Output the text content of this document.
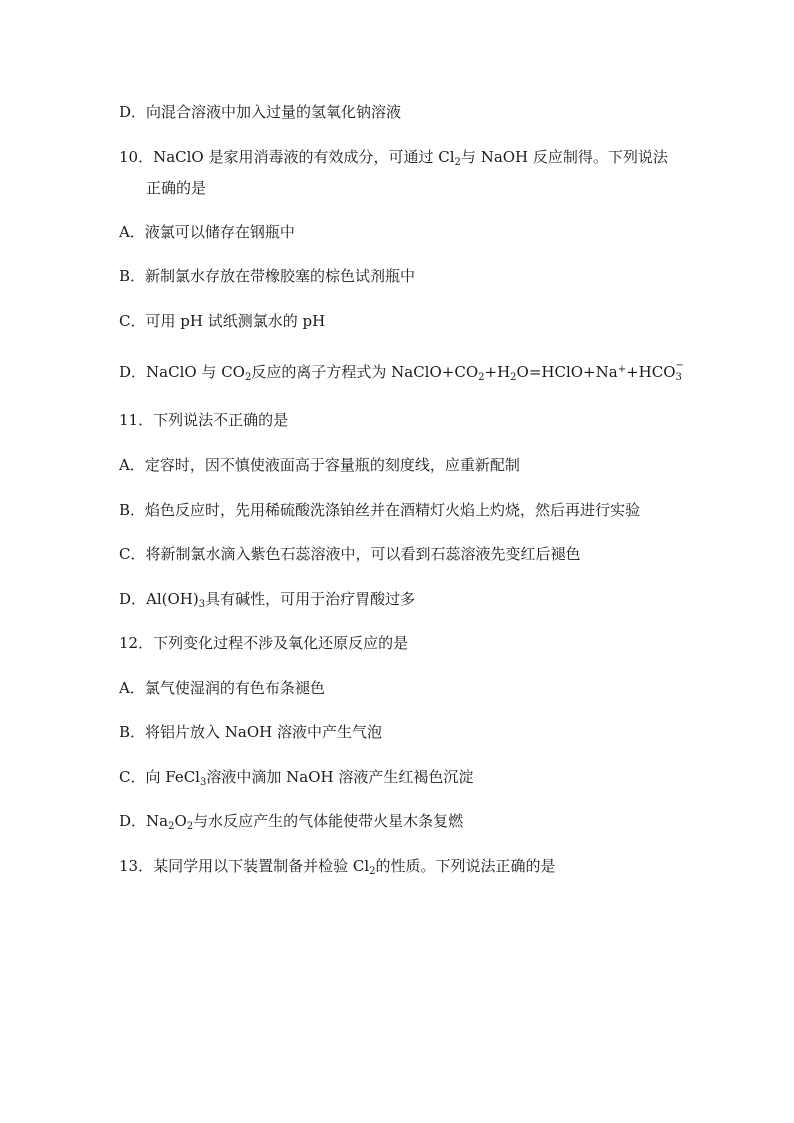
D．向混合溶液中加入过量的氢氧化钠溶液
10．NaClO 是家用消毒液的有效成分，可通过 $Cl_2$与 NaOH 反应制得。下列说法
正确的是
A．液氯可以储存在钢瓶中
B．新制氯水存放在带橡胶塞的棕色试剂瓶中
C．可用 pH 试纸测氯水的 pH
D．NaClO 与 $CO_2$反应的离子方程式为 $NaClO+CO_2+H_2O=HClO+Na^++HCO$ −
$_3$
11．下列说法不正确的是
A．定容时，因不慎使液面高于容量瓶的刻度线，应重新配制
B．焰色反应时，先用稀硫酸洗涤铂丝并在酒精灯火焰上灼烧，然后再进行实验
C．将新制氯水滴入紫色石蕊溶液中，可以看到石蕊溶液先变红后褪色
D．$Al(OH)_3$具有碱性，可用于治疗胃酸过多
12．下列变化过程不涉及氧化还原反应的是
A．氯气使湿润的有色布条褪色
B．将铝片放入 NaOH 溶液中产生气泡
C．向 FeCl$_3$溶液中滴加 NaOH 溶液产生红褐色沉淀
D．$Na_2O_2$与水反应产生的气体能使带火星木条复燃
13．某同学用以下装置制备并检验 $Cl_2$的性质。下列说法正确的是
